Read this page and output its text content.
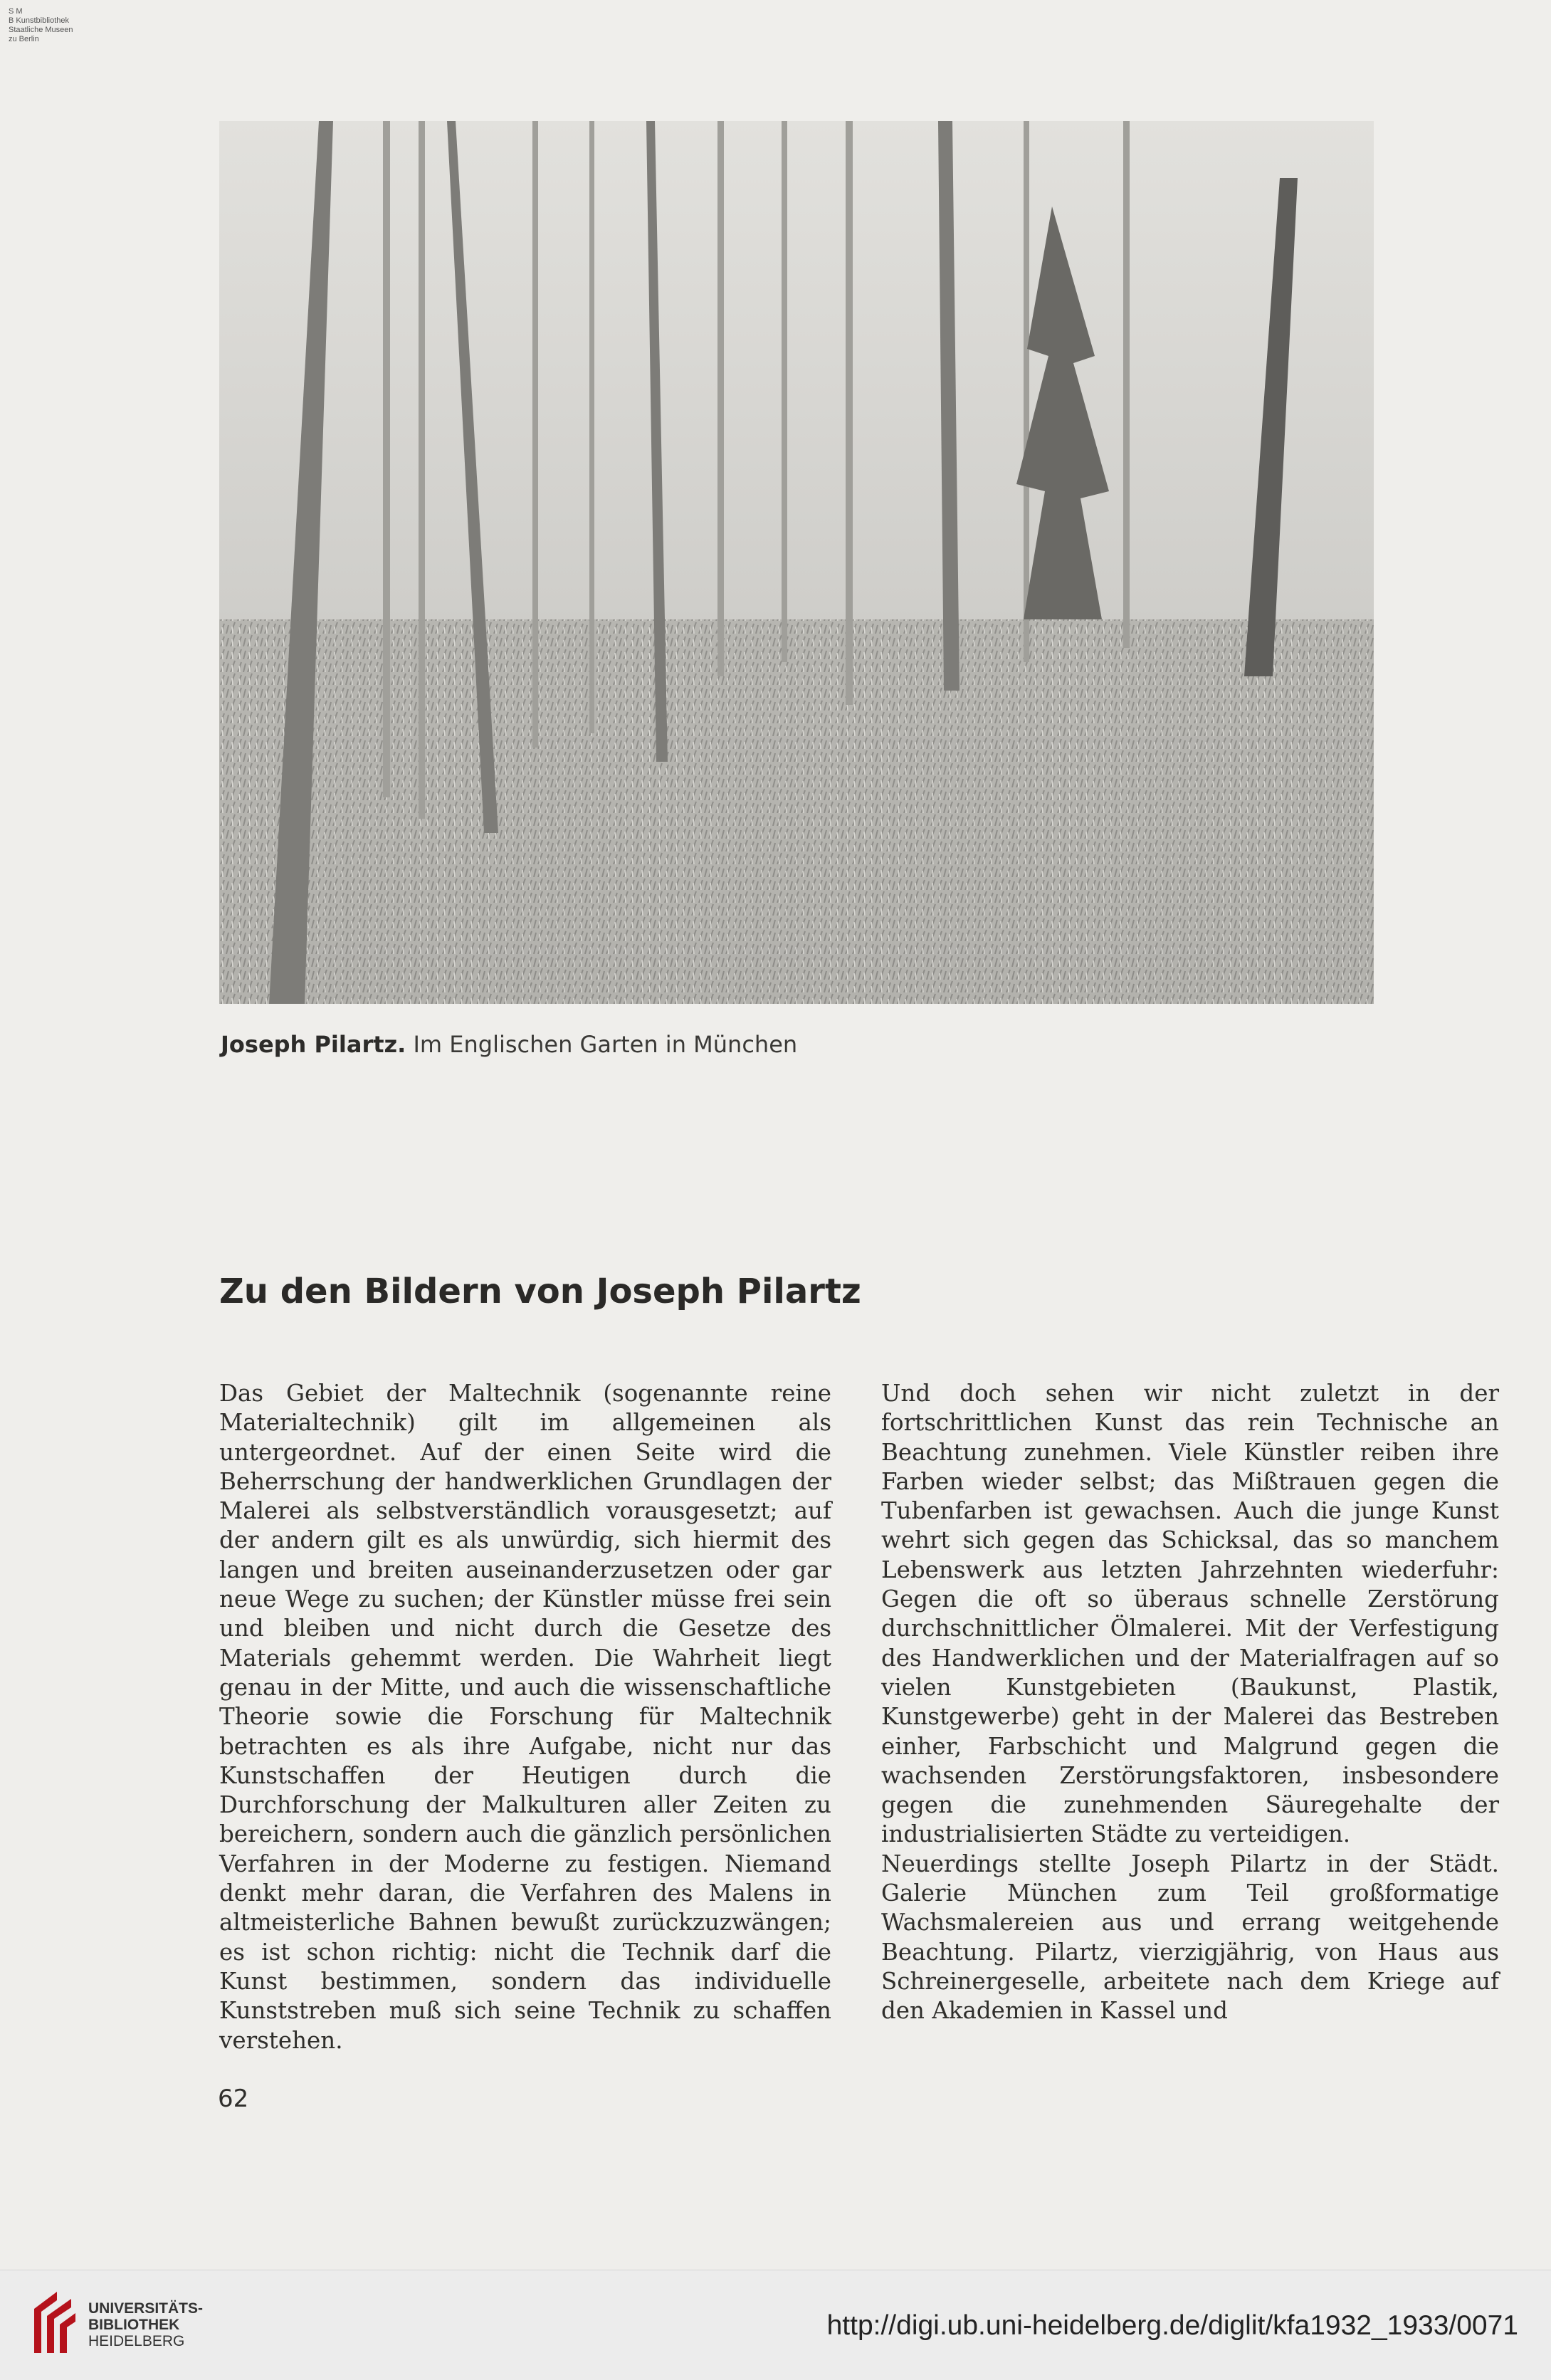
S M
B Kunstbibliothek
Staatliche Museen
zu Berlin
Joseph Pilartz. Im Englischen Garten in München
Zu den Bildern von Joseph Pilartz

Das Gebiet der Maltechnik (sogenannte reine Materialtechnik) gilt im allgemeinen als untergeordnet. Auf der einen Seite wird die Beherrschung der handwerklichen Grundlagen der Malerei als selbstverständlich vorausgesetzt; auf der andern gilt es als unwürdig, sich hiermit des langen und breiten auseinanderzusetzen oder gar neue Wege zu suchen; der Künstler müsse frei sein und bleiben und nicht durch die Gesetze des Materials gehemmt werden. Die Wahrheit liegt genau in der Mitte, und auch die wissenschaftliche Theorie sowie die Forschung für Maltechnik betrachten es als ihre Aufgabe, nicht nur das Kunstschaffen der Heutigen durch die Durchforschung der Malkulturen aller Zeiten zu bereichern, sondern auch die gänzlich persönlichen Verfahren in der Moderne zu festigen. Niemand denkt mehr daran, die Verfahren des Malens in altmeisterliche Bahnen bewußt zurückzuzwängen; es ist schon richtig: nicht die Technik darf die Kunst bestimmen, sondern das individuelle Kunststreben muß sich seine Technik zu schaffen verstehen.

Und doch sehen wir nicht zuletzt in der fortschrittlichen Kunst das rein Technische an Beachtung zunehmen. Viele Künstler reiben ihre Farben wieder selbst; das Mißtrauen gegen die Tubenfarben ist gewachsen. Auch die junge Kunst wehrt sich gegen das Schicksal, das so manchem Lebenswerk aus letzten Jahrzehnten wiederfuhr: Gegen die oft so überaus schnelle Zerstörung durchschnittlicher Ölmalerei. Mit der Verfestigung des Handwerklichen und der Materialfragen auf so vielen Kunstgebieten (Baukunst, Plastik, Kunstgewerbe) geht in der Malerei das Bestreben einher, Farbschicht und Malgrund gegen die wachsenden Zerstörungsfaktoren, insbesondere gegen die zunehmenden Säuregehalte der industrialisierten Städte zu verteidigen.

Neuerdings stellte Joseph Pilartz in der Städt. Galerie München zum Teil großformatige Wachsmalereien aus und errang weitgehende Beachtung. Pilartz, vierzigjährig, von Haus aus Schreinergeselle, arbeitete nach dem Kriege auf den Akademien in Kassel und

62
UNIVERSITÄTS-
BIBLIOTHEK
HEIDELBERG
http://digi.ub.uni-heidelberg.de/diglit/kfa1932_1933/0071
